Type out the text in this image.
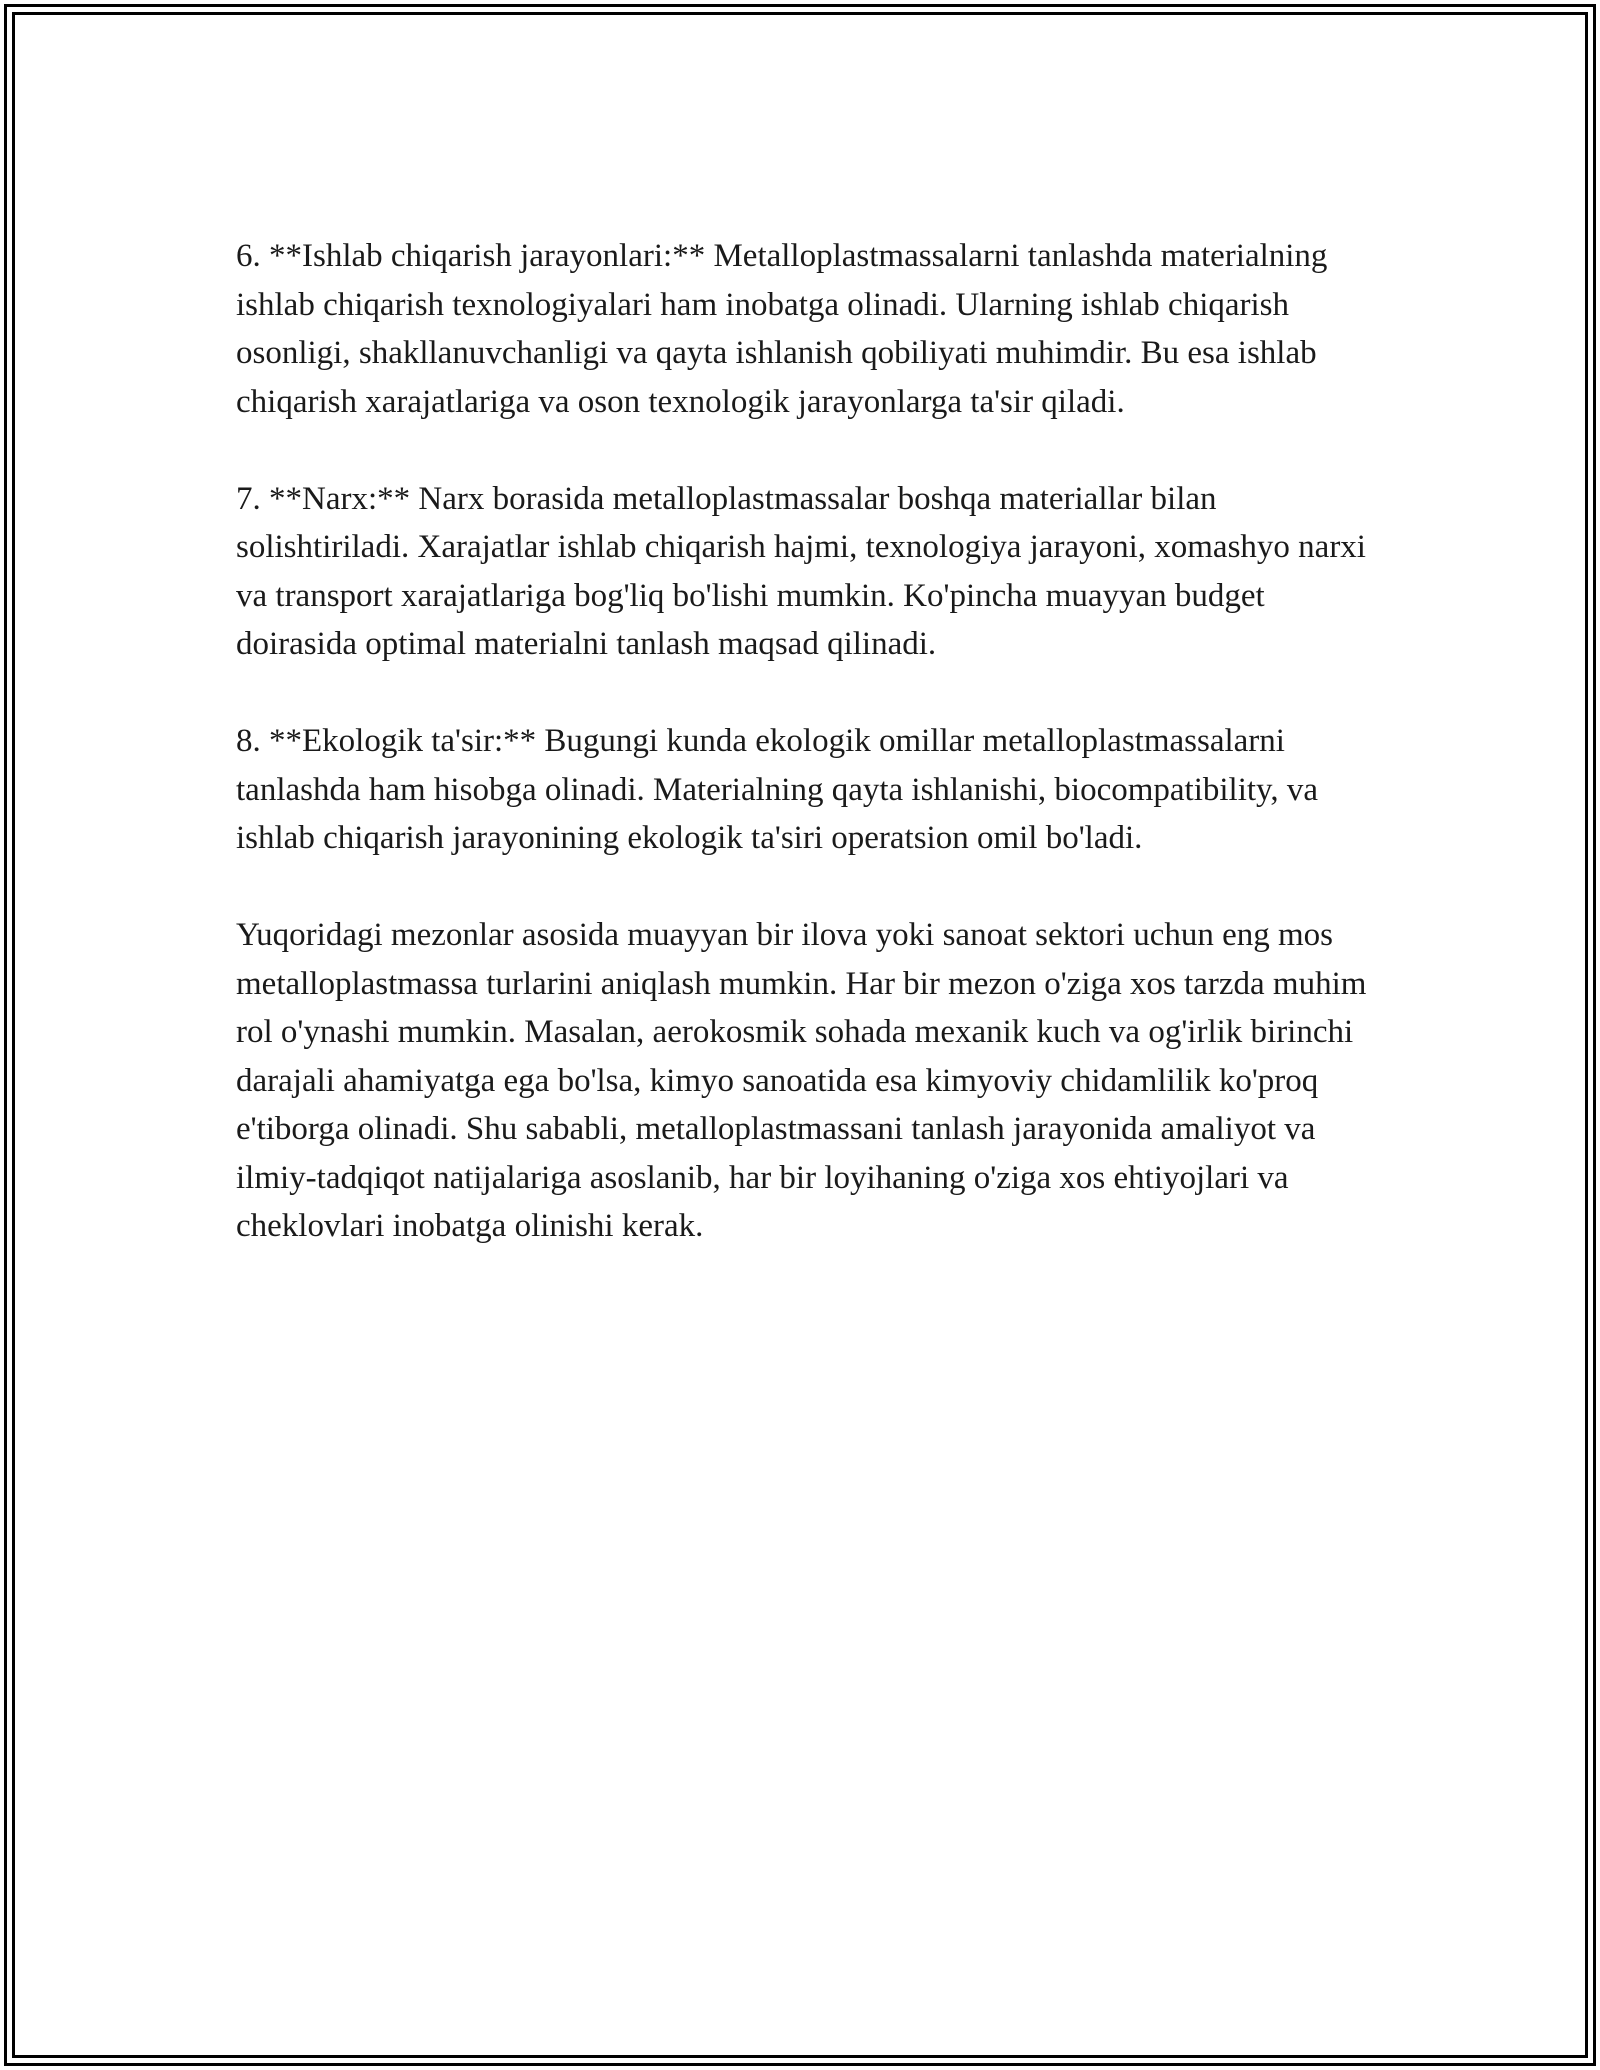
6. **Ishlab chiqarish jarayonlari:** Metalloplastmassalarni tanlashda materialning ishlab chiqarish texnologiyalari ham inobatga olinadi. Ularning ishlab chiqarish osonligi, shakllanuvchanligi va qayta ishlanish qobiliyati muhimdir. Bu esa ishlab chiqarish xarajatlariga va oson texnologik jarayonlarga ta'sir qiladi.

7. **Narx:** Narx borasida metalloplastmassalar boshqa materiallar bilan solishtiriladi. Xarajatlar ishlab chiqarish hajmi, texnologiya jarayoni, xomashyo narxi va transport xarajatlariga bog'liq bo'lishi mumkin. Ko'pincha muayyan budget doirasida optimal materialni tanlash maqsad qilinadi.

8. **Ekologik ta'sir:** Bugungi kunda ekologik omillar metalloplastmassalarni tanlashda ham hisobga olinadi. Materialning qayta ishlanishi, biocompatibility, va ishlab chiqarish jarayonining ekologik ta'siri operatsion omil bo'ladi.

Yuqoridagi mezonlar asosida muayyan bir ilova yoki sanoat sektori uchun eng mos metalloplastmassa turlarini aniqlash mumkin. Har bir mezon o'ziga xos tarzda muhim rol o'ynashi mumkin. Masalan, aerokosmik sohada mexanik kuch va og'irlik birinchi darajali ahamiyatga ega bo'lsa, kimyo sanoatida esa kimyoviy chidamlilik ko'proq e'tiborga olinadi. Shu sababli, metalloplastmassani tanlash jarayonida amaliyot va ilmiy-tadqiqot natijalariga asoslanib, har bir loyihaning o'ziga xos ehtiyojlari va cheklovlari inobatga olinishi kerak.
